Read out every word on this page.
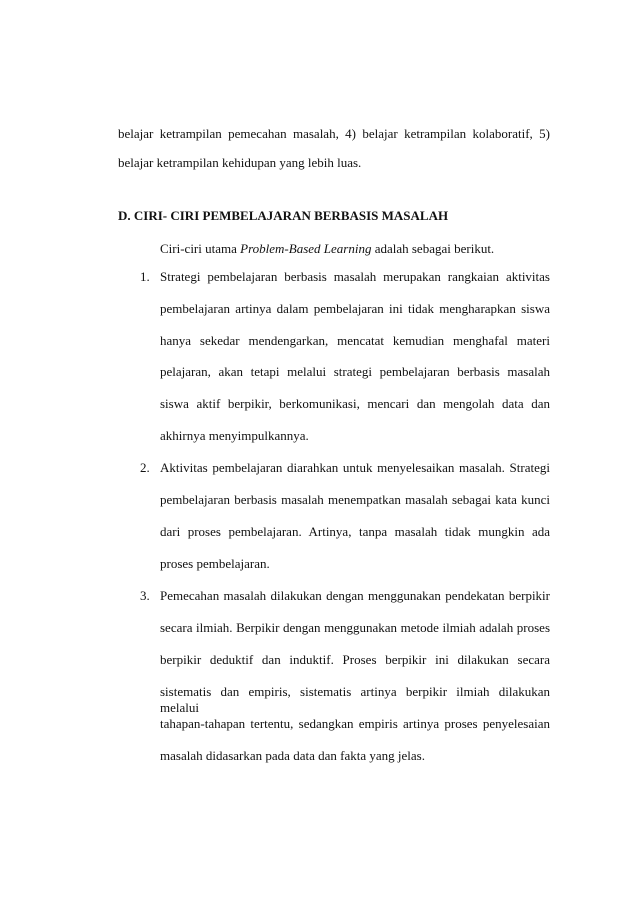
belajar ketrampilan pemecahan masalah, 4) belajar ketrampilan kolaboratif, 5)
belajar ketrampilan kehidupan yang lebih luas.
D. CIRI- CIRI PEMBELAJARAN BERBASIS MASALAH
Ciri-ciri utama Problem-Based Learning adalah sebagai berikut.
1. Strategi pembelajaran berbasis masalah merupakan rangkaian aktivitas
pembelajaran artinya dalam pembelajaran ini tidak mengharapkan siswa
hanya sekedar mendengarkan, mencatat kemudian menghafal materi
pelajaran, akan tetapi melalui strategi pembelajaran berbasis masalah
siswa aktif berpikir, berkomunikasi, mencari dan mengolah data dan
akhirnya menyimpulkannya.
2. Aktivitas pembelajaran diarahkan untuk menyelesaikan masalah. Strategi
pembelajaran berbasis masalah menempatkan masalah sebagai kata kunci
dari proses pembelajaran. Artinya, tanpa masalah tidak mungkin ada
proses pembelajaran.
3. Pemecahan masalah dilakukan dengan menggunakan pendekatan berpikir
secara ilmiah. Berpikir dengan menggunakan metode ilmiah adalah proses
berpikir deduktif dan induktif. Proses berpikir ini dilakukan secara
sistematis dan empiris, sistematis artinya berpikir ilmiah dilakukan melalui
tahapan-tahapan tertentu, sedangkan empiris artinya proses penyelesaian
masalah didasarkan pada data dan fakta yang jelas.
